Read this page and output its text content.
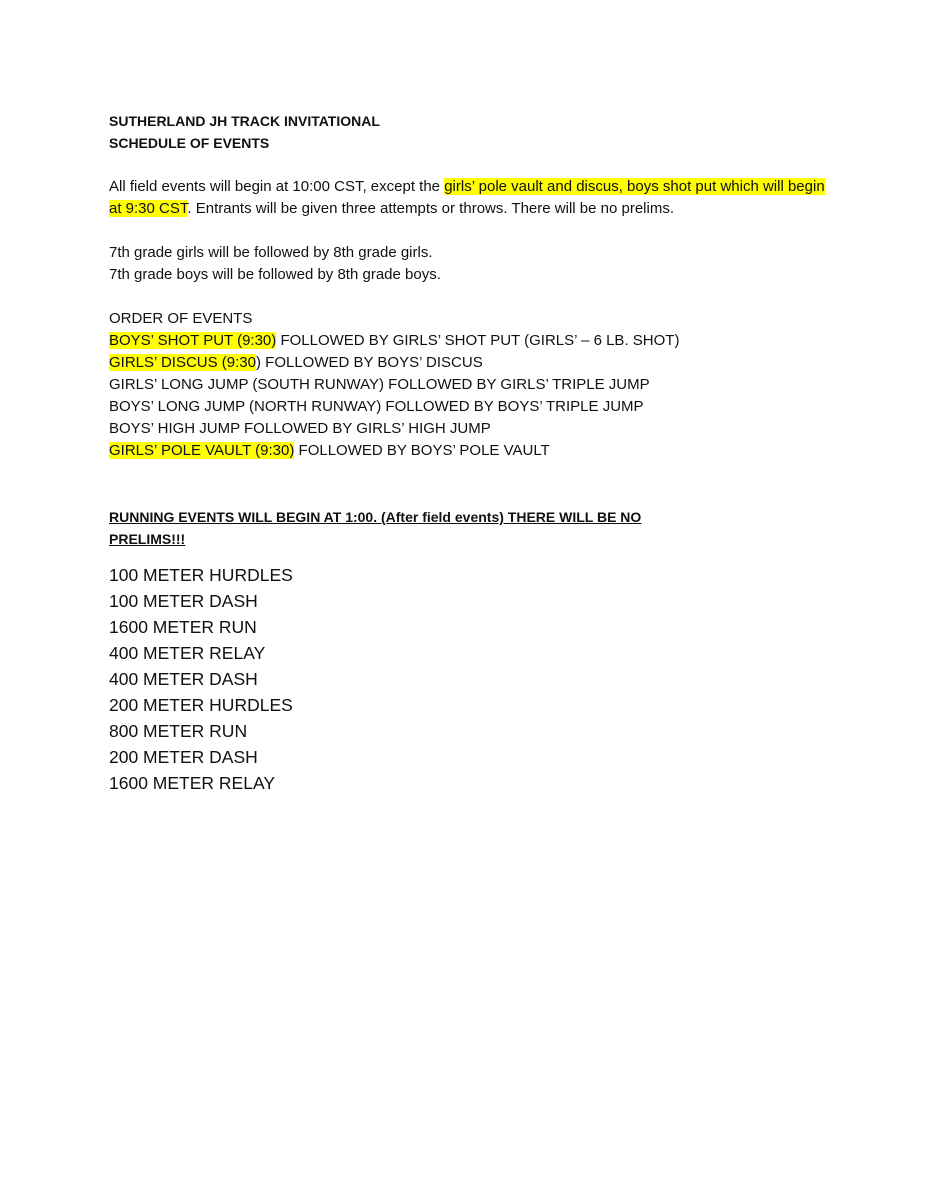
SUTHERLAND JH TRACK INVITATIONAL

SCHEDULE OF EVENTS

All field events will begin at 10:00 CST, except the girls’ pole vault and discus, boys shot put which will begin at 9:30 CST. Entrants will be given three attempts or throws. There will be no prelims.

7th grade girls will be followed by 8th grade girls.

7th grade boys will be followed by 8th grade boys.

ORDER OF EVENTS

BOYS’ SHOT PUT (9:30) FOLLOWED BY GIRLS’ SHOT PUT (GIRLS’ – 6 LB. SHOT)

GIRLS’ DISCUS (9:30) FOLLOWED BY BOYS’ DISCUS

GIRLS’ LONG JUMP (SOUTH RUNWAY) FOLLOWED BY GIRLS’ TRIPLE JUMP

BOYS’ LONG JUMP (NORTH RUNWAY) FOLLOWED BY BOYS’ TRIPLE JUMP

BOYS’ HIGH JUMP FOLLOWED BY GIRLS’ HIGH JUMP

GIRLS’ POLE VAULT (9:30) FOLLOWED BY BOYS’ POLE VAULT

RUNNING EVENTS WILL BEGIN AT 1:00. (After field events) THERE WILL BE NO PRELIMS!!!

100 METER HURDLES
100 METER DASH
1600 METER RUN
400 METER RELAY
400 METER DASH
200 METER HURDLES
800 METER RUN
200 METER DASH
1600 METER RELAY
